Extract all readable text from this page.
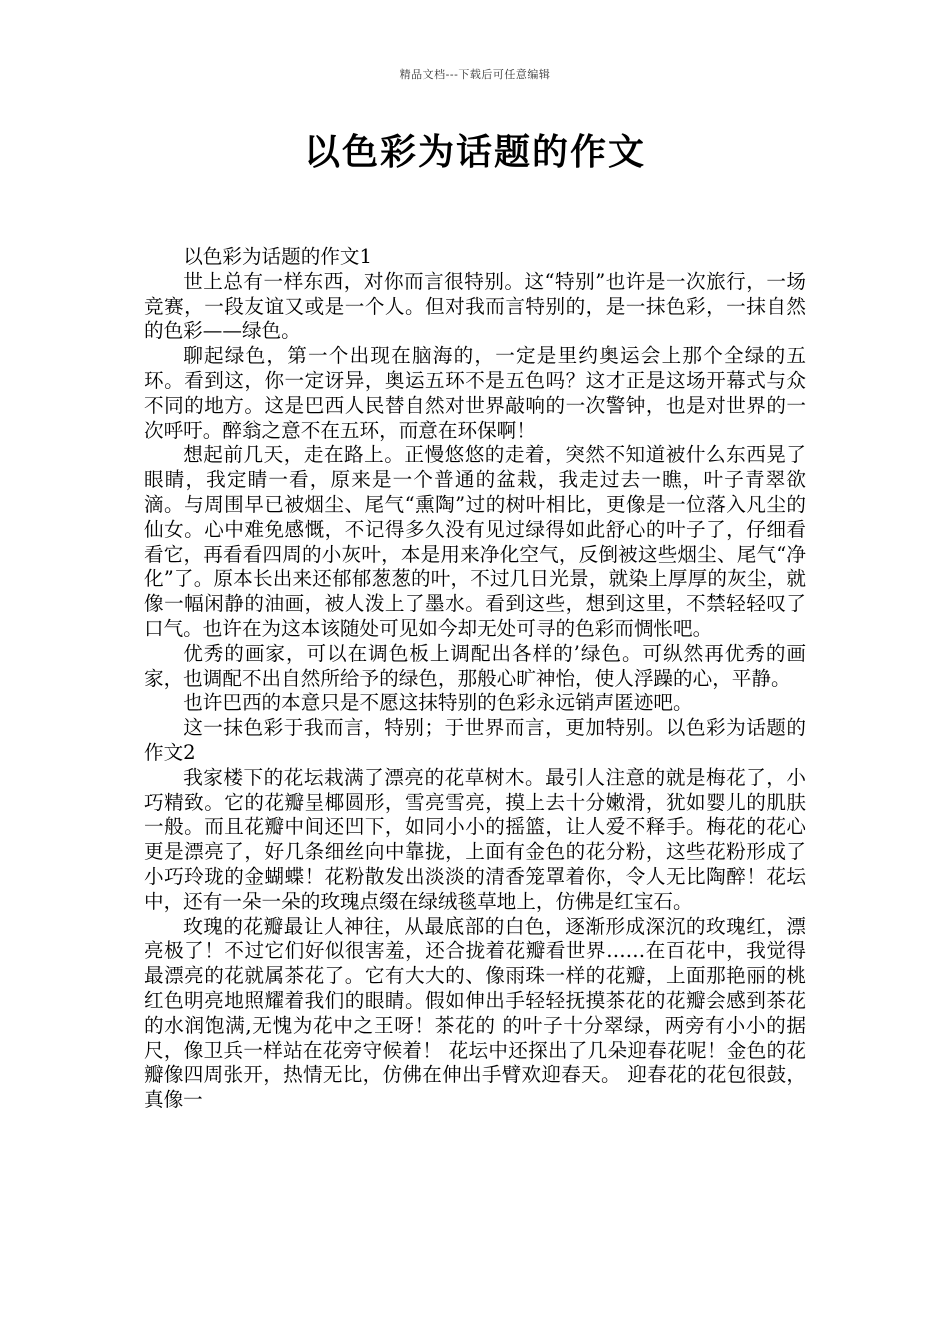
精品文档---下载后可任意编辑
以色彩为话题的作文

以色彩为话题的作文1

世上总有一样东西，对你而言很特别。这“特别”也许是一次旅行，一场竞赛，一段友谊又或是一个人。但对我而言特别的，是一抹色彩，一抹自然的色彩——绿色。

聊起绿色，第一个出现在脑海的，一定是里约奥运会上那个全绿的五环。看到这，你一定讶异，奥运五环不是五色吗？这才正是这场开幕式与众不同的地方。这是巴西人民替自然对世界敲响的一次警钟，也是对世界的一次呼吁。醉翁之意不在五环，而意在环保啊！

想起前几天，走在路上。正慢悠悠的走着，突然不知道被什么东西晃了眼睛，我定睛一看，原来是一个普通的盆栽，我走过去一瞧，叶子青翠欲滴。与周围早已被烟尘、尾气“熏陶”过的树叶相比，更像是一位落入凡尘的仙女。心中难免感慨，不记得多久没有见过绿得如此舒心的叶子了，仔细看看它，再看看四周的小灰叶，本是用来净化空气，反倒被这些烟尘、尾气“净化”了。原本长出来还郁郁葱葱的叶，不过几日光景，就染上厚厚的灰尘，就像一幅闲静的油画，被人泼上了墨水。看到这些，想到这里，不禁轻轻叹了口气。也许在为这本该随处可见如今却无处可寻的色彩而惆怅吧。

优秀的画家，可以在调色板上调配出各样的’绿色。可纵然再优秀的画家，也调配不出自然所给予的绿色，那般心旷神怡，使人浮躁的心，平静。

也许巴西的本意只是不愿这抹特别的色彩永远销声匿迹吧。

这一抹色彩于我而言，特别；于世界而言，更加特别。以色彩为话题的作文2

我家楼下的花坛栽满了漂亮的花草树木。最引人注意的就是梅花了，小巧精致。它的花瓣呈椰圆形，雪亮雪亮，摸上去十分嫩滑，犹如婴儿的肌肤一般。而且花瓣中间还凹下，如同小小的摇篮，让人爱不释手。梅花的花心更是漂亮了，好几条细丝向中靠拢，上面有金色的花分粉，这些花粉形成了小巧玲珑的金蝴蝶！花粉散发出淡淡的清香笼罩着你，令人无比陶醉！花坛中，还有一朵一朵的玫瑰点缀在绿绒毯草地上，仿佛是红宝石。

玫瑰的花瓣最让人神往，从最底部的白色，逐渐形成深沉的玫瑰红，漂亮极了！不过它们好似很害羞，还合拢着花瓣看世界……在百花中，我觉得最漂亮的花就属茶花了。它有大大的、像雨珠一样的花瓣，上面那艳丽的桃红色明亮地照耀着我们的眼睛。假如伸出手轻轻抚摸茶花的花瓣会感到茶花的水润饱满,无愧为花中之王呀！茶花的 的叶子十分翠绿，两旁有小小的据尺，像卫兵一样站在花旁守候着！ 花坛中还探出了几朵迎春花呢！金色的花瓣像四周张开，热情无比，仿佛在伸出手臂欢迎春天。 迎春花的花包很鼓，真像一
